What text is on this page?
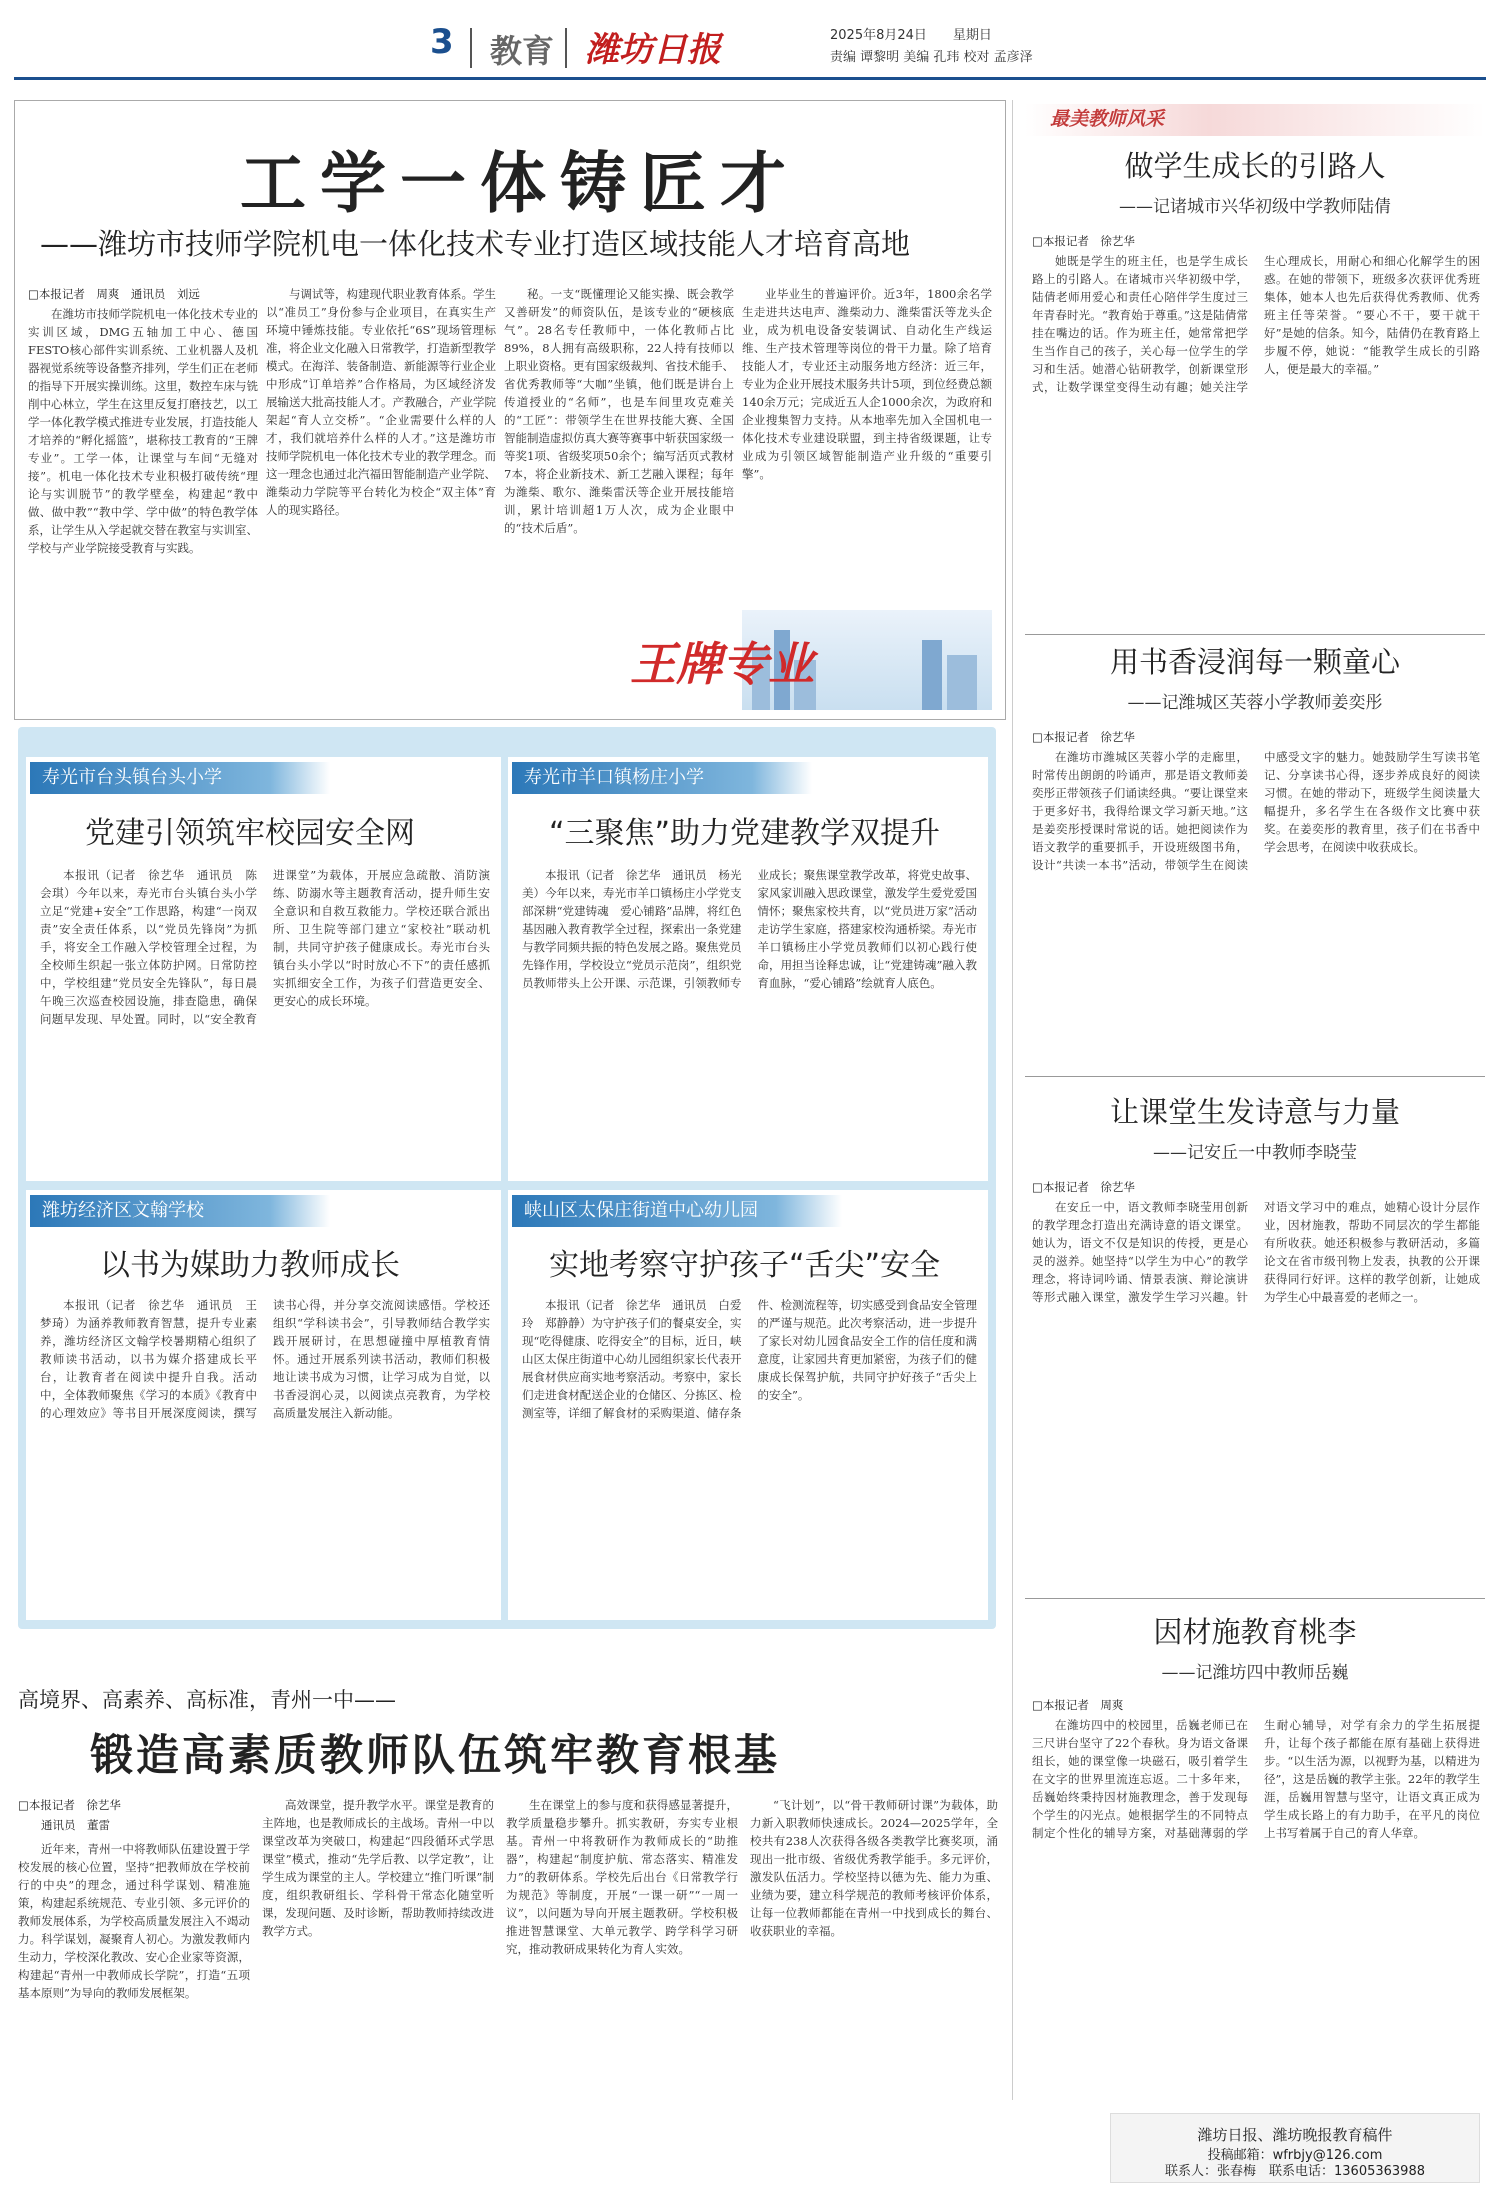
3 教育 潍坊日报	2025年8月24日　　 星期日
责编 谭黎明 美编 孔玮 校对 孟彦泽
工学一体铸匠才
——潍坊市技师学院机电一体化技术专业打造区域技能人才培育高地
□本报记者　周爽　通讯员　刘远

在潍坊市技师学院机电一体化技术专业的实训区域，DMG五轴加工中心、德国FESTO核心部件实训系统、工业机器人及机器视觉系统等设备整齐排列，学生们正在老师的指导下开展实操训练。这里，数控车床与铣削中心林立，学生在这里反复打磨技艺，以工学一体化教学模式推进专业发展，打造技能人才培养的“孵化摇篮”，堪称技工教育的“王牌专业”。工学一体，让课堂与车间“无缝对接”。机电一体化技术专业积极打破传统“理论与实训脱节”的教学壁垒，构建起“教中做、做中教”“教中学、学中做”的特色教学体系，让学生从入学起就交替在教室与实训室、学校与产业学院接受教育与实践。

与调试等，构建现代职业教育体系。学生以“准员工”身份参与企业项目，在真实生产环境中锤炼技能。专业依托“6S”现场管理标准，将企业文化融入日常教学，打造新型教学模式。在海洋、装备制造、新能源等行业企业中形成“订单培养”合作格局，为区域经济发展输送大批高技能人才。产教融合，产业学院架起“育人立交桥”。“企业需要什么样的人才，我们就培养什么样的人才。”这是潍坊市技师学院机电一体化技术专业的教学理念。而这一理念也通过北汽福田智能制造产业学院、潍柴动力学院等平台转化为校企“双主体”育人的现实路径。

秘。一支“既懂理论又能实操、既会教学又善研发”的师资队伍，是该专业的“硬核底气”。28名专任教师中，一体化教师占比89%，8人拥有高级职称，22人持有技师以上职业资格。更有国家级裁判、省技术能手、省优秀教师等“大咖”坐镇，他们既是讲台上传道授业的“名师”，也是车间里攻克难关的“工匠”：带领学生在世界技能大赛、全国智能制造虚拟仿真大赛等赛事中斩获国家级一等奖1项、省级奖项50余个；编写活页式教材7本，将企业新技术、新工艺融入课程；每年为潍柴、歌尔、潍柴雷沃等企业开展技能培训，累计培训超1万人次，成为企业眼中的“技术后盾”。

业毕业生的普遍评价。近3年，1800余名学生走进共达电声、潍柴动力、潍柴雷沃等龙头企业，成为机电设备安装调试、自动化生产线运维、生产技术管理等岗位的骨干力量。除了培育技能人才，专业还主动服务地方经济：近三年，专业为企业开展技术服务共计5项，到位经费总额140余万元；完成近五人企1000余次，为政府和企业搜集智力支持。从本地率先加入全国机电一体化技术专业建设联盟，到主持省级课题，让专业成为引领区域智能制造产业升级的“重要引擎”。

王牌专业
寿光市台头镇台头小学
党建引领筑牢校园安全网

本报讯（记者　徐艺华　通讯员　陈会琪）今年以来，寿光市台头镇台头小学立足“党建+安全”工作思路，构建“一岗双责”安全责任体系，以“党员先锋岗”为抓手，将安全工作融入学校管理全过程，为全校师生织起一张立体防护网。日常防控中，学校组建“党员安全先锋队”，每日晨午晚三次巡查校园设施，排查隐患，确保问题早发现、早处置。同时，以“安全教育进课堂”为载体，开展应急疏散、消防演练、防溺水等主题教育活动，提升师生安全意识和自救互救能力。学校还联合派出所、卫生院等部门建立“家校社”联动机制，共同守护孩子健康成长。寿光市台头镇台头小学以“时时放心不下”的责任感抓实抓细安全工作，为孩子们营造更安全、更安心的成长环境。

寿光市羊口镇杨庄小学
“三聚焦”助力党建教学双提升

本报讯（记者　徐艺华　通讯员　杨光美）今年以来，寿光市羊口镇杨庄小学党支部深耕“党建铸魂　爱心铺路”品牌，将红色基因融入教育教学全过程，探索出一条党建与教学同频共振的特色发展之路。聚焦党员先锋作用，学校设立“党员示范岗”，组织党员教师带头上公开课、示范课，引领教师专业成长；聚焦课堂教学改革，将党史故事、家风家训融入思政课堂，激发学生爱党爱国情怀；聚焦家校共育，以“党员进万家”活动走访学生家庭，搭建家校沟通桥梁。寿光市羊口镇杨庄小学党员教师们以初心践行使命，用担当诠释忠诚，让“党建铸魂”融入教育血脉，“爱心铺路”绘就育人底色。

潍坊经济区文翰学校
以书为媒助力教师成长

本报讯（记者　徐艺华　通讯员　王梦琦）为涵养教师教育智慧，提升专业素养，潍坊经济区文翰学校暑期精心组织了教师读书活动，以书为媒介搭建成长平台，让教育者在阅读中提升自我。活动中，全体教师聚焦《学习的本质》《教育中的心理效应》等书目开展深度阅读，撰写读书心得，并分享交流阅读感悟。学校还组织“学科读书会”，引导教师结合教学实践开展研讨，在思想碰撞中厚植教育情怀。通过开展系列读书活动，教师们积极地让读书成为习惯，让学习成为自觉，以书香浸润心灵，以阅读点亮教育，为学校高质量发展注入新动能。

峡山区太保庄街道中心幼儿园
实地考察守护孩子“舌尖”安全

本报讯（记者　徐艺华　通讯员　白爱玲　郑静静）为守护孩子们的餐桌安全，实现“吃得健康、吃得安全”的目标，近日，峡山区太保庄街道中心幼儿园组织家长代表开展食材供应商实地考察活动。考察中，家长们走进食材配送企业的仓储区、分拣区、检测室等，详细了解食材的采购渠道、储存条件、检测流程等，切实感受到食品安全管理的严谨与规范。此次考察活动，进一步提升了家长对幼儿园食品安全工作的信任度和满意度，让家园共育更加紧密，为孩子们的健康成长保驾护航，共同守护好孩子“舌尖上的安全”。

高境界、高素养、高标准，青州一中——
锻造高素质教师队伍筑牢教育根基
□本报记者　徐艺华
通讯员　董雷

近年来，青州一中将教师队伍建设置于学校发展的核心位置，坚持“把教师放在学校前行的中央”的理念，通过科学谋划、精准施策，构建起系统规范、专业引领、多元评价的教师发展体系，为学校高质量发展注入不竭动力。科学谋划，凝聚育人初心。为激发教师内生动力，学校深化教改、安心企业家等资源，构建起“青州一中教师成长学院”，打造“五项基本原则”为导向的教师发展框架。

高效课堂，提升教学水平。课堂是教育的主阵地，也是教师成长的主战场。青州一中以课堂改革为突破口，构建起“四段循环式学思课堂”模式，推动“先学后教、以学定教”，让学生成为课堂的主人。学校建立“推门听课”制度，组织教研组长、学科骨干常态化随堂听课，发现问题、及时诊断，帮助教师持续改进教学方式。

生在课堂上的参与度和获得感显著提升，教学质量稳步攀升。抓实教研，夯实专业根基。青州一中将教研作为教师成长的“助推器”，构建起“制度护航、常态落实、精准发力”的教研体系。学校先后出台《日常教学行为规范》等制度，开展“一课一研”“一周一议”，以问题为导向开展主题教研。学校积极推进智慧课堂、大单元教学、跨学科学习研究，推动教研成果转化为育人实效。

“飞计划”，以“骨干教师研讨课”为载体，助力新入职教师快速成长。2024—2025学年，全校共有238人次获得各级各类教学比赛奖项，涌现出一批市级、省级优秀教学能手。多元评价，激发队伍活力。学校坚持以德为先、能力为重、业绩为要，建立科学规范的教师考核评价体系，让每一位教师都能在青州一中找到成长的舞台、收获职业的幸福。

最美教师风采
做学生成长的引路人
——记诸城市兴华初级中学教师陆倩
□本报记者　徐艺华

她既是学生的班主任，也是学生成长路上的引路人。在诸城市兴华初级中学，陆倩老师用爱心和责任心陪伴学生度过三年青春时光。“教育始于尊重。”这是陆倩常挂在嘴边的话。作为班主任，她常常把学生当作自己的孩子，关心每一位学生的学习和生活。她潜心钻研教学，创新课堂形式，让数学课堂变得生动有趣；她关注学生心理成长，用耐心和细心化解学生的困惑。在她的带领下，班级多次获评优秀班集体，她本人也先后获得优秀教师、优秀班主任等荣誉。“要心不干，要干就干好”是她的信条。知今，陆倩仍在教育路上步履不停，她说：“能教学生成长的引路人，便是最大的幸福。”

用书香浸润每一颗童心
——记潍城区芙蓉小学教师姜奕彤
□本报记者　徐艺华

在潍坊市潍城区芙蓉小学的走廊里，时常传出朗朗的吟诵声，那是语文教师姜奕彤正带领孩子们诵读经典。“要让课堂来于更多好书，我得给课文学习新天地。”这是姜奕彤授课时常说的话。她把阅读作为语文教学的重要抓手，开设班级图书角，设计“共读一本书”活动，带领学生在阅读中感受文字的魅力。她鼓励学生写读书笔记、分享读书心得，逐步养成良好的阅读习惯。在她的带动下，班级学生阅读量大幅提升，多名学生在各级作文比赛中获奖。在姜奕彤的教育里，孩子们在书香中学会思考，在阅读中收获成长。

让课堂生发诗意与力量
——记安丘一中教师李晓莹
□本报记者　徐艺华

在安丘一中，语文教师李晓莹用创新的教学理念打造出充满诗意的语文课堂。她认为，语文不仅是知识的传授，更是心灵的滋养。她坚持“以学生为中心”的教学理念，将诗词吟诵、情景表演、辩论演讲等形式融入课堂，激发学生学习兴趣。针对语文学习中的难点，她精心设计分层作业，因材施教，帮助不同层次的学生都能有所收获。她还积极参与教研活动，多篇论文在省市级刊物上发表，执教的公开课获得同行好评。这样的教学创新，让她成为学生心中最喜爱的老师之一。

因材施教育桃李
——记潍坊四中教师岳巍
□本报记者　周爽

在潍坊四中的校园里，岳巍老师已在三尺讲台坚守了22个春秋。身为语文备课组长，她的课堂像一块磁石，吸引着学生在文字的世界里流连忘返。二十多年来，岳巍始终秉持因材施教理念，善于发现每个学生的闪光点。她根据学生的不同特点制定个性化的辅导方案，对基础薄弱的学生耐心辅导，对学有余力的学生拓展提升，让每个孩子都能在原有基础上获得进步。“以生活为源，以视野为基，以精进为径”，这是岳巍的教学主张。22年的教学生涯，岳巍用智慧与坚守，让语文真正成为学生成长路上的有力助手，在平凡的岗位上书写着属于自己的育人华章。

潍坊日报、潍坊晚报教育稿件
投稿邮箱：wfrbjy@126.com
联系人：张春梅　联系电话：13605363988
